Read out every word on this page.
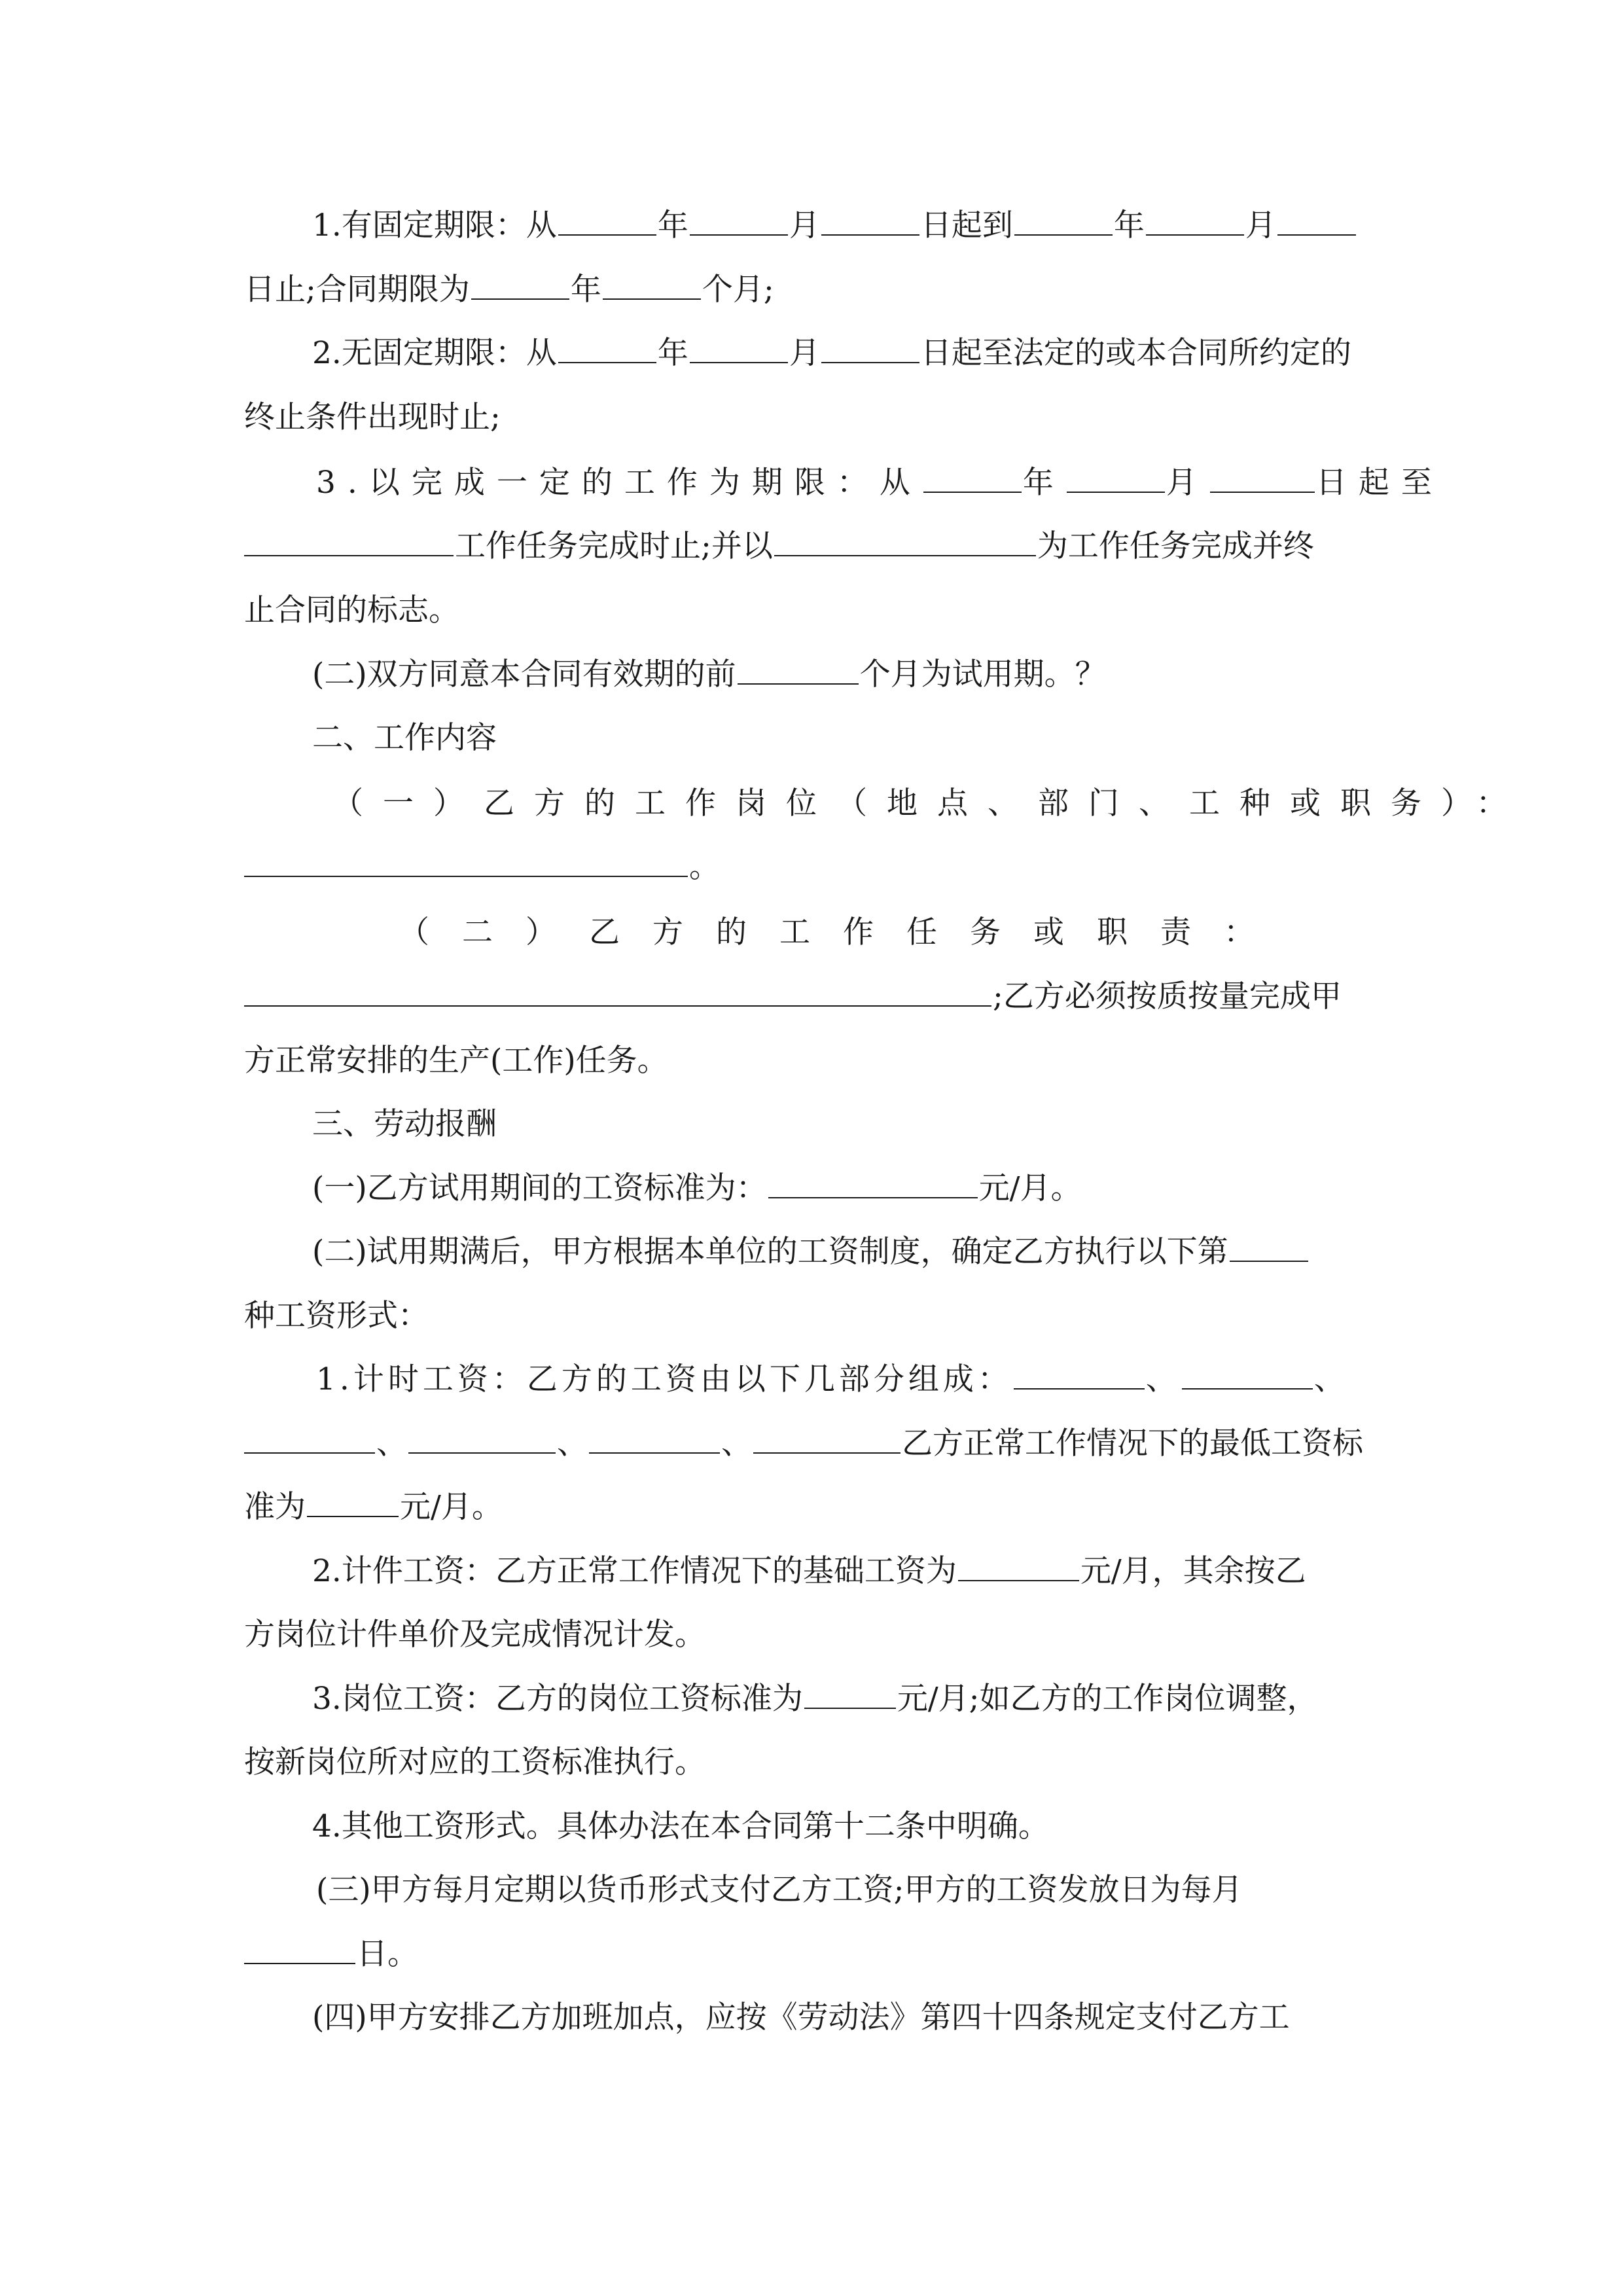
1.有固定期限：从	年	月	日起到	年	月
日止;合同期限为	年	个月;
2.无固定期限：从	年	月	日起至法定的或本合同所约定的
终止条件出现时止;
3.以完成一定的工作为期限：从	年	月	日起至
工作任务完成时止;并以	为工作任务完成并终
止合同的标志。
(二)双方同意本合同有效期的前	个月为试用期。？
二、工作内容
（一）乙方的工作岗位（地点、部门、工种或职务）：
。
（二）乙方的工作任务或职责：
;乙方必须按质按量完成甲
方正常安排的生产(工作)任务。
三、劳动报酬
(一)乙方试用期间的工资标准为：	元/月。
(二)试用期满后，甲方根据本单位的工资制度，确定乙方执行以下第
种工资形式：
1.计时工资：乙方的工资由以下几部分组成：	、	、
、	、	、	乙方正常工作情况下的最低工资标
准为	元/月。
2.计件工资：乙方正常工作情况下的基础工资为	元/月，其余按乙
方岗位计件单价及完成情况计发。
3.岗位工资：乙方的岗位工资标准为	元/月;如乙方的工作岗位调整，
按新岗位所对应的工资标准执行。
4.其他工资形式。具体办法在本合同第十二条中明确。
(三)甲方每月定期以货币形式支付乙方工资;甲方的工资发放日为每月
日。
(四)甲方安排乙方加班加点，应按《劳动法》第四十四条规定支付乙方工
